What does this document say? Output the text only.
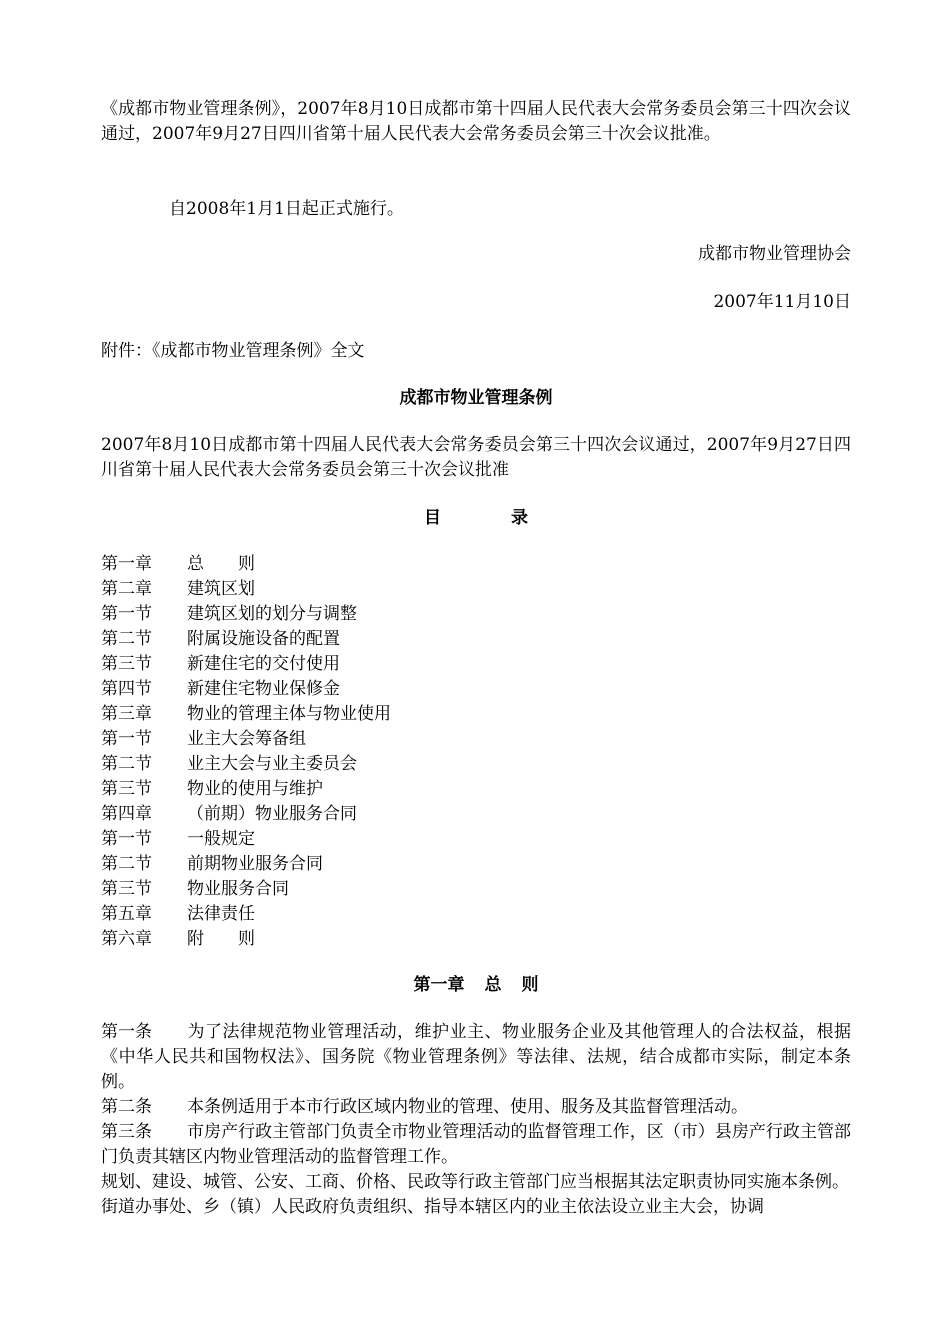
《成都市物业管理条例》，2007年8月10日成都市第十四届人民代表大会常务委员会第三十四次会议通过，2007年9月27日四川省第十届人民代表大会常务委员会第三十次会议批准。

自2008年1月1日起正式施行。
成都市物业管理协会
2007年11月10日
附件：《成都市物业管理条例》全文
成都市物业管理条例

2007年8月10日成都市第十四届人民代表大会常务委员会第三十四次会议通过，2007年9月27日四川省第十届人民代表大会常务委员会第三十次会议批准

目	录
第一章 总　　则
第二章 建筑区划
第一节 建筑区划的划分与调整
第二节 附属设施设备的配置
第三节 新建住宅的交付使用
第四节 新建住宅物业保修金
第三章 物业的管理主体与物业使用
第一节 业主大会筹备组
第二节 业主大会与业主委员会
第三节 物业的使用与维护
第四章 （前期）物业服务合同
第一节 一般规定
第二节 前期物业服务合同
第三节 物业服务合同
第五章 法律责任
第六章 附　　则
第一章 总 则

第一条 为了法律规范物业管理活动，维护业主、物业服务企业及其他管理人的合法权益，根据《中华人民共和国物权法》、国务院《物业管理条例》等法律、法规，结合成都市实际，制定本条例。

第二条 本条例适用于本市行政区域内物业的管理、使用、服务及其监督管理活动。

第三条 市房产行政主管部门负责全市物业管理活动的监督管理工作，区（市）县房产行政主管部门负责其辖区内物业管理活动的监督管理工作。

规划、建设、城管、公安、工商、价格、民政等行政主管部门应当根据其法定职责协同实施本条例。

街道办事处、乡（镇）人民政府负责组织、指导本辖区内的业主依法设立业主大会，协调
